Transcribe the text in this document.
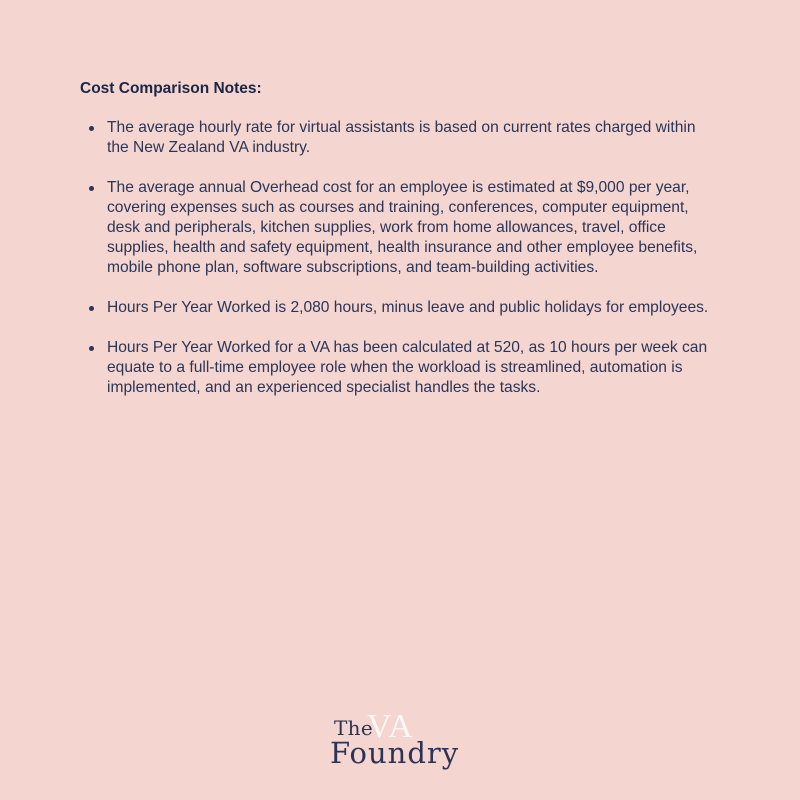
Cost Comparison Notes:
The average hourly rate for virtual assistants is based on current rates charged within the New Zealand VA industry.
The average annual Overhead cost for an employee is estimated at $9,000 per year, covering expenses such as courses and training, conferences, computer equipment, desk and peripherals, kitchen supplies, work from home allowances, travel, office supplies, health and safety equipment, health insurance and other employee benefits, mobile phone plan, software subscriptions, and team-building activities.
Hours Per Year Worked is 2,080 hours, minus leave and public holidays for employees.
Hours Per Year Worked for a VA has been calculated at 520, as 10 hours per week can equate to a full-time employee role when the workload is streamlined, automation is implemented, and an experienced specialist handles the tasks.
VA
The
Foundry
